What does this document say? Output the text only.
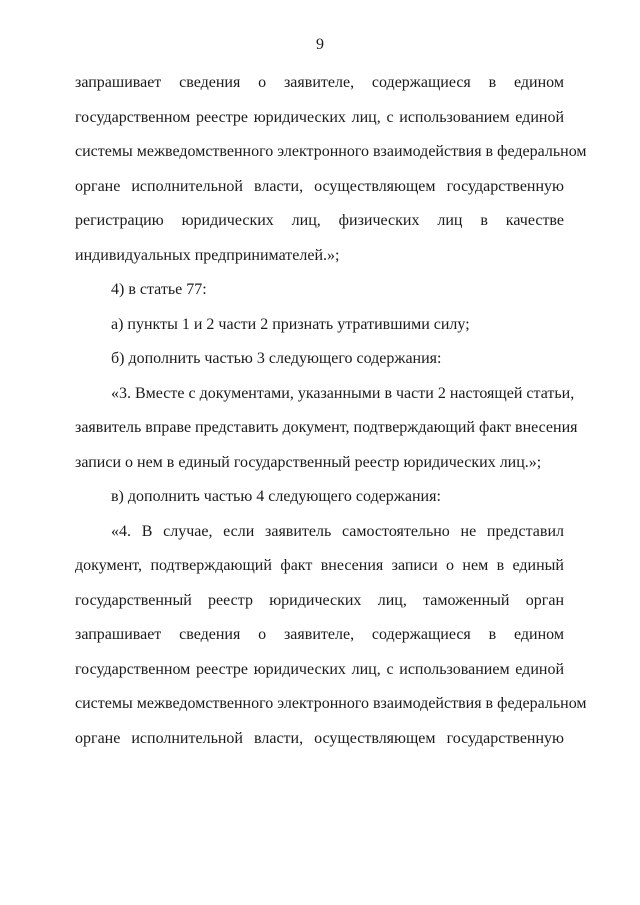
9
запрашивает сведения о заявителе, содержащиеся в едином
государственном реестре юридических лиц, с использованием единой
системы межведомственного электронного взаимодействия в федеральном
органе исполнительной власти, осуществляющем государственную
регистрацию юридических лиц, физических лиц в качестве
индивидуальных предпринимателей.»;
4) в статье 77:
а) пункты 1 и 2 части 2 признать утратившими силу;
б) дополнить частью 3 следующего содержания:
«3. Вместе с документами, указанными в части 2 настоящей статьи,
заявитель вправе представить документ, подтверждающий факт внесения
записи о нем в единый государственный реестр юридических лиц.»;
в) дополнить частью 4 следующего содержания:
«4. В случае, если заявитель самостоятельно не представил
документ, подтверждающий факт внесения записи о нем в единый
государственный реестр юридических лиц, таможенный орган
запрашивает сведения о заявителе, содержащиеся в едином
государственном реестре юридических лиц, с использованием единой
системы межведомственного электронного взаимодействия в федеральном
органе исполнительной власти, осуществляющем государственную
